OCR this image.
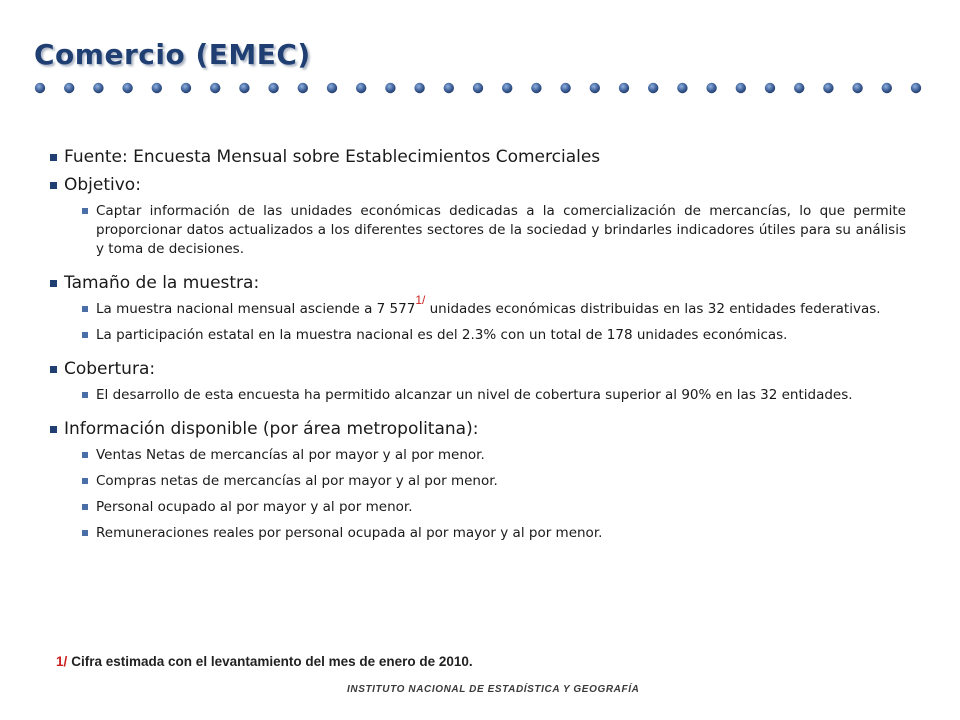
Comercio (EMEC)
Fuente: Encuesta Mensual sobre Establecimientos Comerciales
Objetivo:
Captar información de las unidades económicas dedicadas a la comercialización de mercancías, lo que permite proporcionar datos actualizados a los diferentes sectores de la sociedad y brindarles indicadores útiles para su análisis y toma de decisiones.
Tamaño de la muestra:
La muestra nacional mensual asciende a 7 5771/ unidades económicas distribuidas en las 32 entidades federativas.
La participación estatal en la muestra nacional es del 2.3% con un total de 178 unidades económicas.
Cobertura:
El desarrollo de esta encuesta ha permitido alcanzar un nivel de cobertura superior al 90% en las 32 entidades.
Información disponible (por área metropolitana):
Ventas Netas de mercancías al por mayor y al por menor.
Compras netas de mercancías al por mayor y al por menor.
Personal ocupado al por mayor y al por menor.
Remuneraciones reales por personal ocupada al por mayor y al por menor.
1/ Cifra estimada con el levantamiento del mes de enero de 2010.
INSTITUTO NACIONAL DE ESTADÍSTICA Y GEOGRAFÍA
